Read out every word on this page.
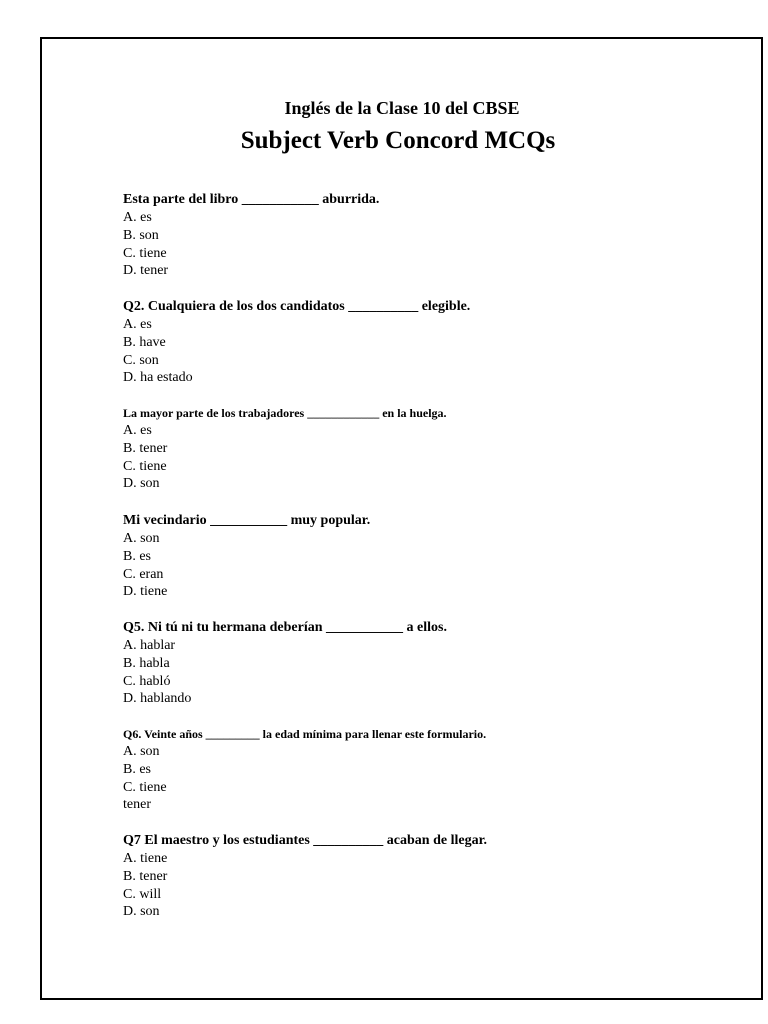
Inglés de la Clase 10 del CBSE
Subject Verb Concord MCQs
Esta parte del libro ___________ aburrida.
A. es
B. son
C. tiene
D. tener
Q2. Cualquiera de los dos candidatos __________ elegible.
A. es
B. have
C. son
D. ha estado
La mayor parte de los trabajadores ____________ en la huelga.
A. es
B. tener
C. tiene
D. son
Mi vecindario ___________ muy popular.
A. son
B. es
C. eran
D. tiene
Q5. Ni tú ni tu hermana deberían ___________ a ellos.
A. hablar
B. habla
C. habló
D. hablando
Q6. Veinte años _________ la edad mínima para llenar este formulario.
A. son
B. es
C. tiene
tener
Q7 El maestro y los estudiantes __________ acaban de llegar.
A. tiene
B. tener
C. will
D. son
